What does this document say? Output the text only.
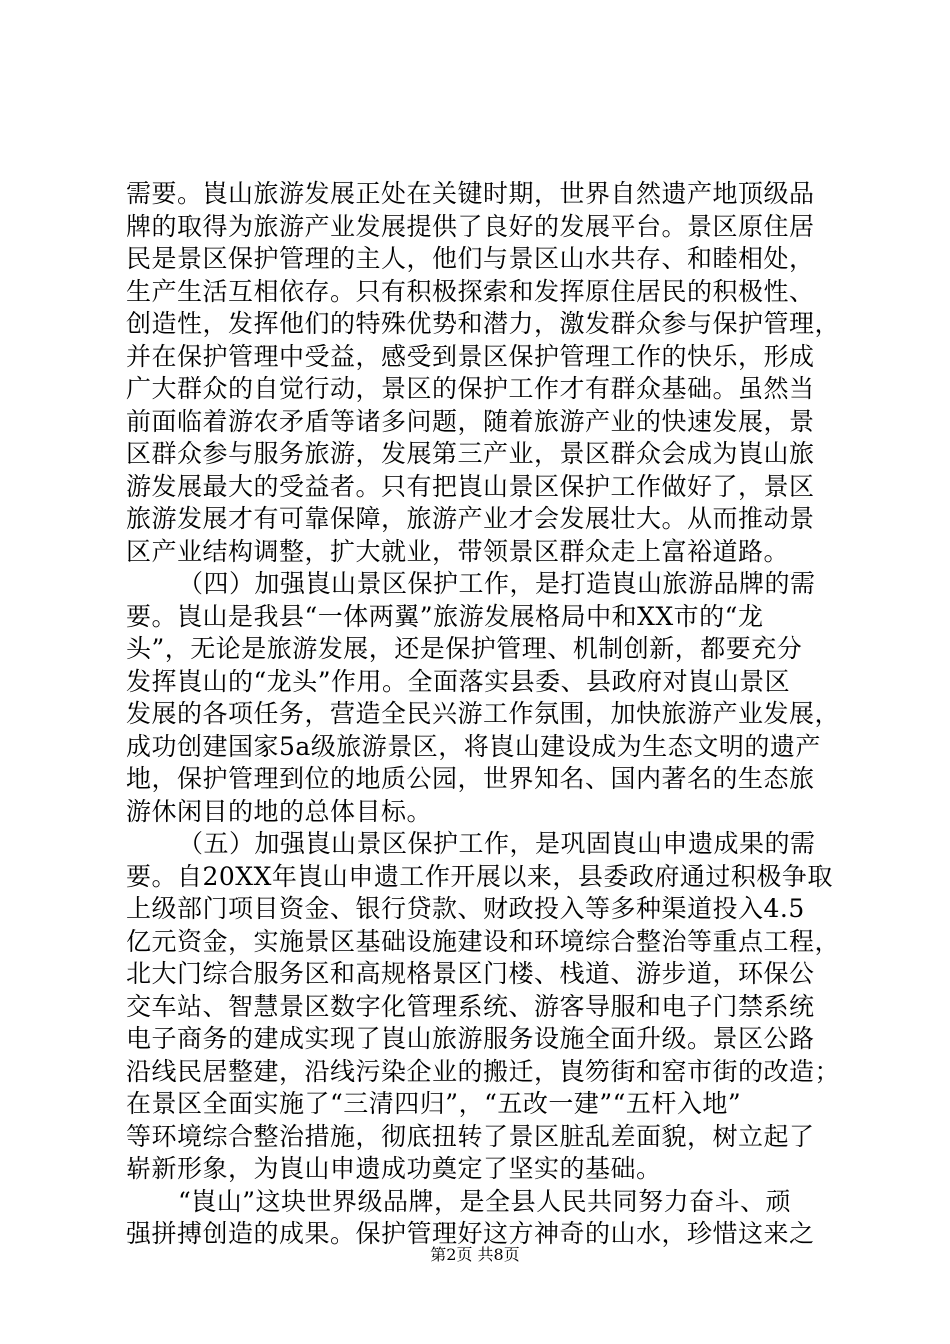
需要。崀山旅游发展正处在关键时期，世界自然遗产地顶级品
牌的取得为旅游产业发展提供了良好的发展平台。景区原住居
民是景区保护管理的主人，他们与景区山水共存、和睦相处，
生产生活互相依存。只有积极探索和发挥原住居民的积极性、
创造性，发挥他们的特殊优势和潜力，激发群众参与保护管理，
并在保护管理中受益，感受到景区保护管理工作的快乐，形成
广大群众的自觉行动，景区的保护工作才有群众基础。虽然当
前面临着游农矛盾等诸多问题，随着旅游产业的快速发展，景
区群众参与服务旅游，发展第三产业，景区群众会成为崀山旅
游发展最大的受益者。只有把崀山景区保护工作做好了，景区
旅游发展才有可靠保障，旅游产业才会发展壮大。从而推动景
区产业结构调整，扩大就业，带领景区群众走上富裕道路。
（四）加强崀山景区保护工作，是打造崀山旅游品牌的需
要。崀山是我县“一体两翼”旅游发展格局中和XX市的“龙
头”，无论是旅游发展，还是保护管理、机制创新，都要充分
发挥崀山的“龙头”作用。全面落实县委、县政府对崀山景区
发展的各项任务，营造全民兴游工作氛围，加快旅游产业发展，
成功创建国家5a级旅游景区，将崀山建设成为生态文明的遗产
地，保护管理到位的地质公园，世界知名、国内著名的生态旅
游休闲目的地的总体目标。
（五）加强崀山景区保护工作，是巩固崀山申遗成果的需
要。自20XX年崀山申遗工作开展以来，县委政府通过积极争取
上级部门项目资金、银行贷款、财政投入等多种渠道投入4.5
亿元资金，实施景区基础设施建设和环境综合整治等重点工程，
北大门综合服务区和高规格景区门楼、栈道、游步道，环保公
交车站、智慧景区数字化管理系统、游客导服和电子门禁系统
电子商务的建成实现了崀山旅游服务设施全面升级。景区公路
沿线民居整建，沿线污染企业的搬迁，崀笏街和窑市街的改造；
在景区全面实施了“三清四归”，“五改一建”“五杆入地”
等环境综合整治措施，彻底扭转了景区脏乱差面貌，树立起了
崭新形象，为崀山申遗成功奠定了坚实的基础。
“崀山”这块世界级品牌，是全县人民共同努力奋斗、顽
强拼搏创造的成果。保护管理好这方神奇的山水，珍惜这来之
第2页 共8页
